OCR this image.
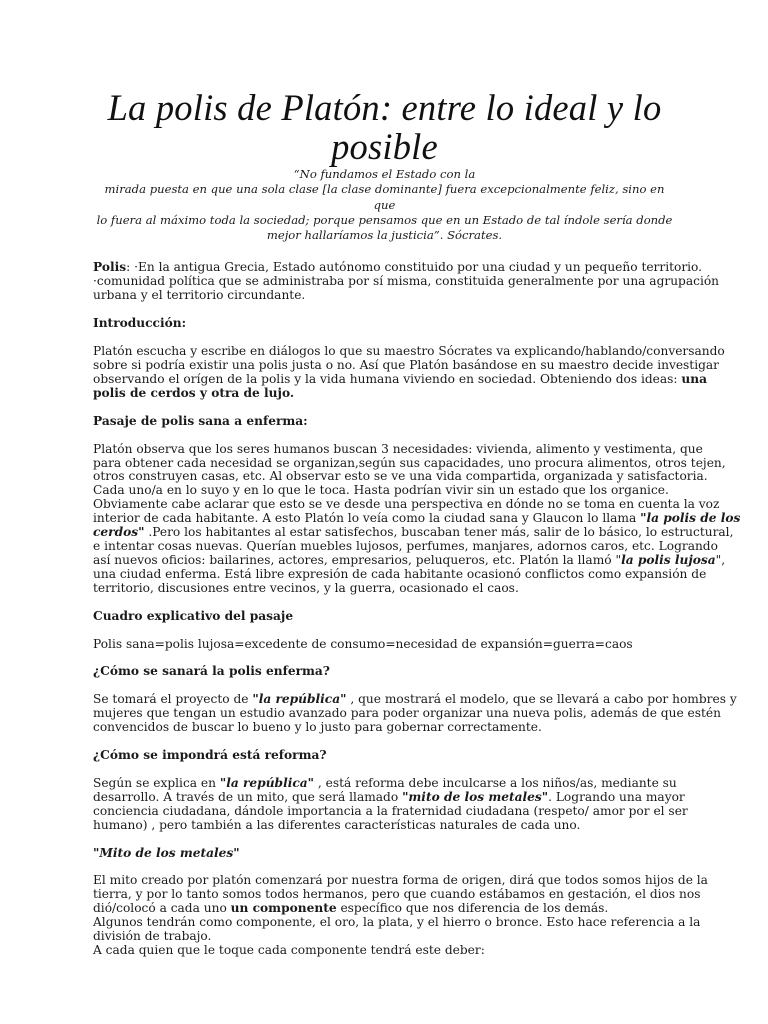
La polis de Platón: entre lo ideal y lo
posible
“No fundamos el Estado con la
mirada puesta en que una sola clase [la clase dominante] fuera excepcionalmente feliz, sino en que
lo fuera al máximo toda la sociedad; porque pensamos que en un Estado de tal índole sería donde
mejor hallaríamos la justicia”. Sócrates.

Polis: ·En la antigua Grecia, Estado autónomo constituido por una ciudad y un pequeño territorio.
·comunidad política que se administraba por sí misma, constituida generalmente por una agrupación
urbana y el territorio circundante.

Introducción:

Platón escucha y escribe en diálogos lo que su maestro Sócrates va explicando/hablando/conversando
sobre si podría existir una polis justa o no. Así que Platón basándose en su maestro decide investigar
observando el orígen de la polis y la vida humana viviendo en sociedad. Obteniendo dos ideas: una
polis de cerdos y otra de lujo.

Pasaje de polis sana a enferma:

Platón observa que los seres humanos buscan 3 necesidades: vivienda, alimento y vestimenta, que
para obtener cada necesidad se organizan,según sus capacidades, uno procura alimentos, otros tejen,
otros construyen casas, etc. Al observar esto se ve una vida compartida, organizada y satisfactoria.
Cada uno/a en lo suyo y en lo que le toca. Hasta podrían vivir sin un estado que los organice.
Obviamente cabe aclarar que esto se ve desde una perspectiva en dónde no se toma en cuenta la voz
interior de cada habitante. A esto Platón lo veía como la ciudad sana y Glaucon lo llama "la polis de los
cerdos" .Pero los habitantes al estar satisfechos, buscaban tener más, salir de lo básico, lo estructural,
e intentar cosas nuevas. Querían muebles lujosos, perfumes, manjares, adornos caros, etc. Logrando
así nuevos oficios: bailarines, actores, empresarios, peluqueros, etc. Platón la llamó "la polis lujosa",
una ciudad enferma. Está libre expresión de cada habitante ocasionó conflictos como expansión de
territorio, discusiones entre vecinos, y la guerra, ocasionado el caos.

Cuadro explicativo del pasaje

Polis sana=polis lujosa=excedente de consumo=necesidad de expansión=guerra=caos

¿Cómo se sanará la polis enferma?

Se tomará el proyecto de "la república" , que mostrará el modelo, que se llevará a cabo por hombres y
mujeres que tengan un estudio avanzado para poder organizar una nueva polis, además de que estén
convencidos de buscar lo bueno y lo justo para gobernar correctamente.

¿Cómo se impondrá está reforma?

Según se explica en "la república" , está reforma debe inculcarse a los niños/as, mediante su
desarrollo. A través de un mito, que será llamado "mito de los metales". Logrando una mayor
conciencia ciudadana, dándole importancia a la fraternidad ciudadana (respeto/ amor por el ser
humano) , pero también a las diferentes características naturales de cada uno.

"Mito de los metales"

El mito creado por platón comenzará por nuestra forma de origen, dirá que todos somos hijos de la
tierra, y por lo tanto somos todos hermanos, pero que cuando estábamos en gestación, el dios nos
dió/colocó a cada uno un componente específico que nos diferencia de los demás.
Algunos tendrán como componente, el oro, la plata, y el hierro o bronce. Esto hace referencia a la
división de trabajo.
A cada quien que le toque cada componente tendrá este deber:
